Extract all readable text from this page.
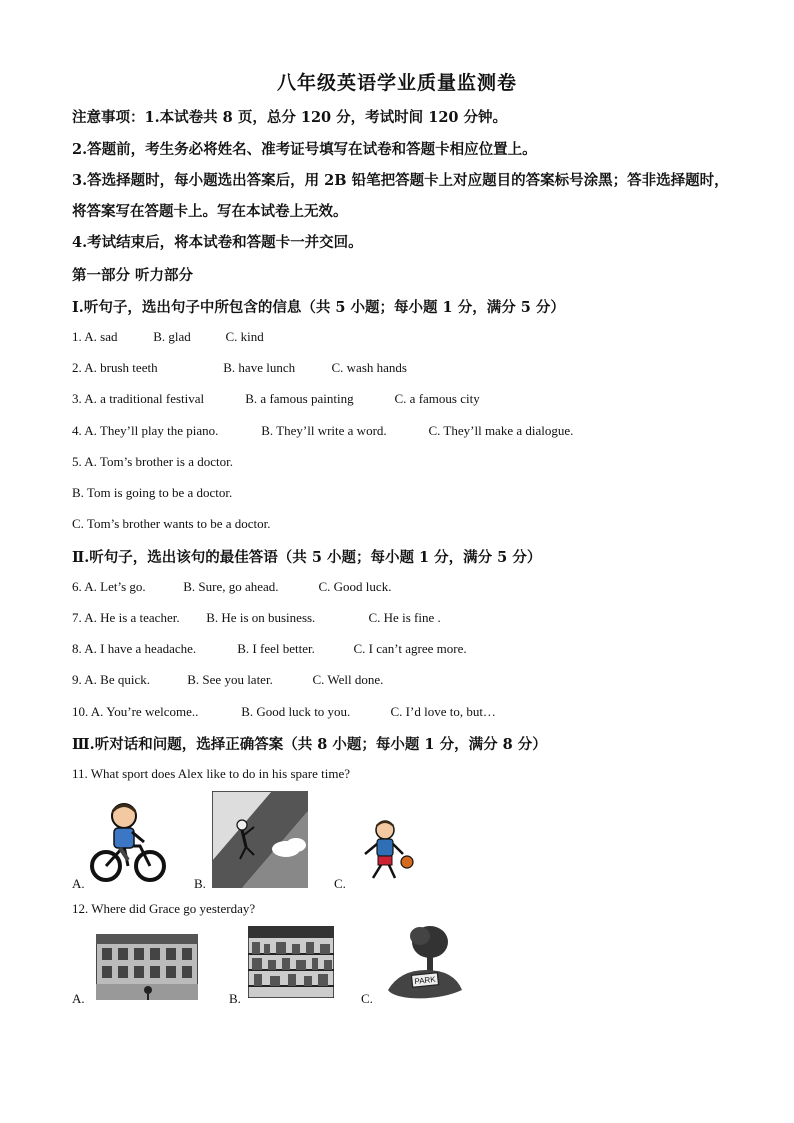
八年级英语学业质量监测卷
注意事项：1.本试卷共 8 页，总分 120 分，考试时间 120 分钟。
2.答题前，考生务必将姓名、准考证号填写在试卷和答题卡相应位置上。
3.答选择题时，每小题选出答案后，用 2B 铅笔把答题卡上对应题目的答案标号涂黑；答非选择题时，将答案写在答题卡上。写在本试卷上无效。
4.考试结束后，将本试卷和答题卡一并交回。
第一部分 听力部分
Ⅰ.听句子，选出句子中所包含的信息（共 5 小题；每小题 1 分，满分 5 分）
1. A. sad	B. glad	C. kind
2. A. brush teeth	B. have lunch	C. wash hands
3. A. a traditional festival	B. a famous painting	C. a famous city
4. A. They’ll play the piano.	B. They’ll write a word.	C. They’ll make a dialogue.
5. A. Tom’s brother is a doctor.
B. Tom is going to be a doctor.
C. Tom’s brother wants to be a doctor.
Ⅱ.听句子，选出该句的最佳答语（共 5 小题；每小题 1 分，满分 5 分）
6. A. Let’s go.	B. Sure, go ahead.	C. Good luck.
7. A. He is a teacher. B. He is on business.	C. He is fine .
8. A. I have a headache.	B. I feel better.	C. I can’t agree more.
9. A. Be quick.	B. See you later.	C. Well done.
10. A. You’re welcome..	B. Good luck to you.	C. I’d love to, but…
Ⅲ.听对话和问题，选择正确答案（共 8 小题；每小题 1 分，满分 8 分）
11. What sport does Alex like to do in his spare time?
A.	B.	C.
12. Where did Grace go yesterday?
A.	B.	C.
PARK
